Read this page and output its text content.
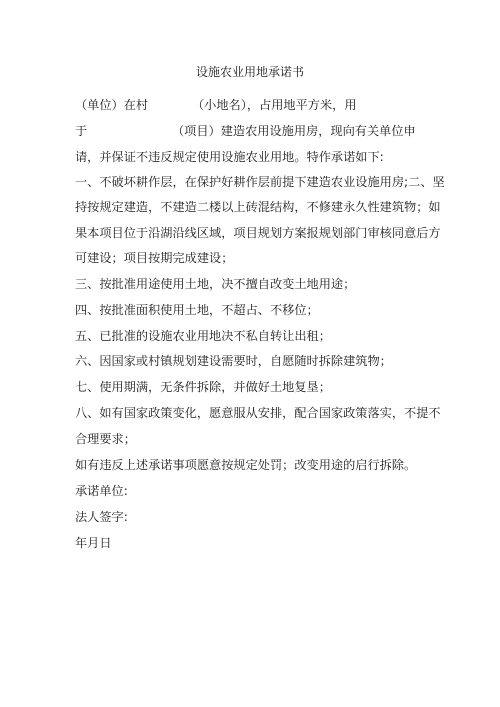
设施农业用地承诺书
（单位）在村	（小地名），占用地平方米，用
于	（项目）建造农用设施用房，现向有关单位申
请，并保证不违反规定使用设施农业用地。特作承诺如下:
一、不破坏耕作层，在保护好耕作层前提下建造农业设施用房;二、坚
持按规定建造，不建造二楼以上砖混结构，不修建永久性建筑物；如
果本项目位于沿湖沿线区域，项目规划方案报规划部门审核同意后方
可建设；项目按期完成建设；
三、按批准用途使用土地，决不擅自改变土地用途；
四、按批准面积使用土地，不超占、不移位；
五、已批准的设施农业用地决不私自转让出租；
六、因国家或村镇规划建设需要时，自愿随时拆除建筑物；
七、使用期满，无条件拆除，并做好土地复垦；
八、如有国家政策变化，愿意服从安排，配合国家政策落实，不提不
合理要求；
如有违反上述承诺事项愿意按规定处罚；改变用途的启行拆除。
承诺单位:
法人签字:
年月日
